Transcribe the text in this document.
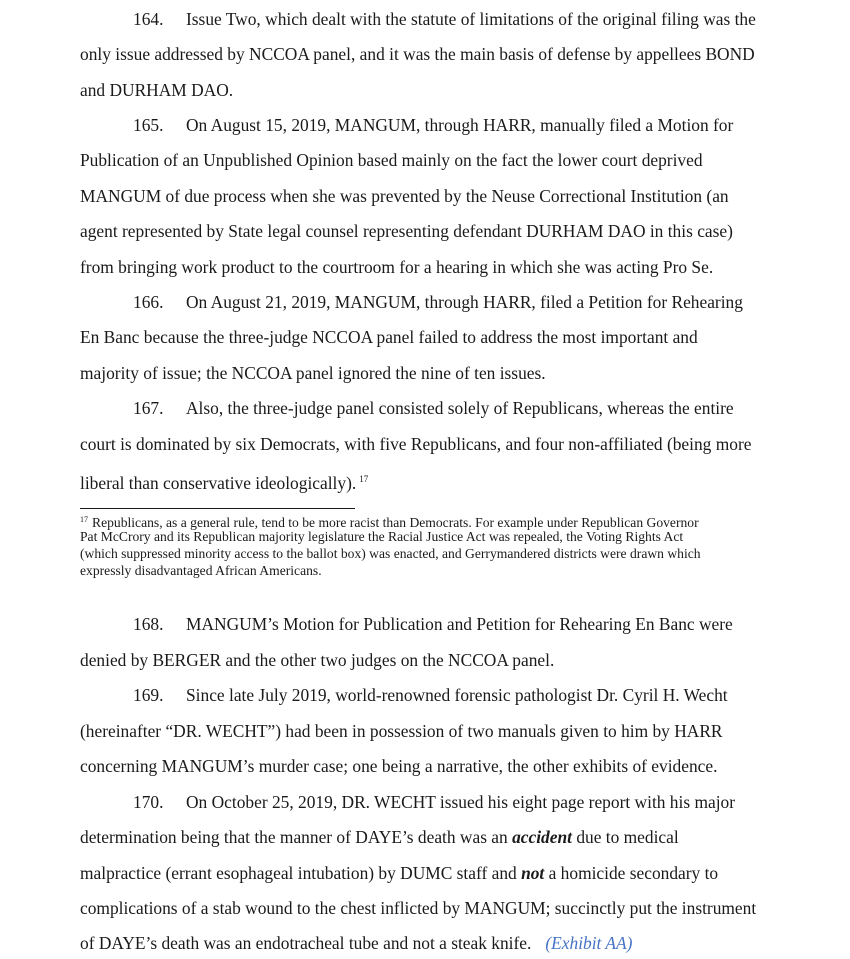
164. Issue Two, which dealt with the statute of limitations of the original filing was the
only issue addressed by NCCOA panel, and it was the main basis of defense by appellees BOND
and DURHAM DAO.
165. On August 15, 2019, MANGUM, through HARR, manually filed a Motion for
Publication of an Unpublished Opinion based mainly on the fact the lower court deprived
MANGUM of due process when she was prevented by the Neuse Correctional Institution (an
agent represented by State legal counsel representing defendant DURHAM DAO in this case)
from bringing work product to the courtroom for a hearing in which she was acting Pro Se.
166. On August 21, 2019, MANGUM, through HARR, filed a Petition for Rehearing
En Banc because the three-judge NCCOA panel failed to address the most important and
majority of issue; the NCCOA panel ignored the nine of ten issues.
167. Also, the three-judge panel consisted solely of Republicans, whereas the entire
court is dominated by six Democrats, with five Republicans, and four non-affiliated (being more
liberal than conservative ideologically). $^{17}$
$^{17}$ Republicans, as a general rule, tend to be more racist than Democrats. For example under Republican Governor
Pat McCrory and its Republican majority legislature the Racial Justice Act was repealed, the Voting Rights Act
(which suppressed minority access to the ballot box) was enacted, and Gerrymandered districts were drawn which
expressly disadvantaged African Americans.
168. MANGUM’s Motion for Publication and Petition for Rehearing En Banc were
denied by BERGER and the other two judges on the NCCOA panel.
169. Since late July 2019, world-renowned forensic pathologist Dr. Cyril H. Wecht
(hereinafter “DR. WECHT”) had been in possession of two manuals given to him by HARR
concerning MANGUM’s murder case; one being a narrative, the other exhibits of evidence.
170. On October 25, 2019, DR. WECHT issued his eight page report with his major
determination being that the manner of DAYE’s death was an accident due to medical
malpractice (errant esophageal intubation) by DUMC staff and not a homicide secondary to
complications of a stab wound to the chest inflicted by MANGUM; succinctly put the instrument
of DAYE’s death was an endotracheal tube and not a steak knife. (Exhibit AA)
